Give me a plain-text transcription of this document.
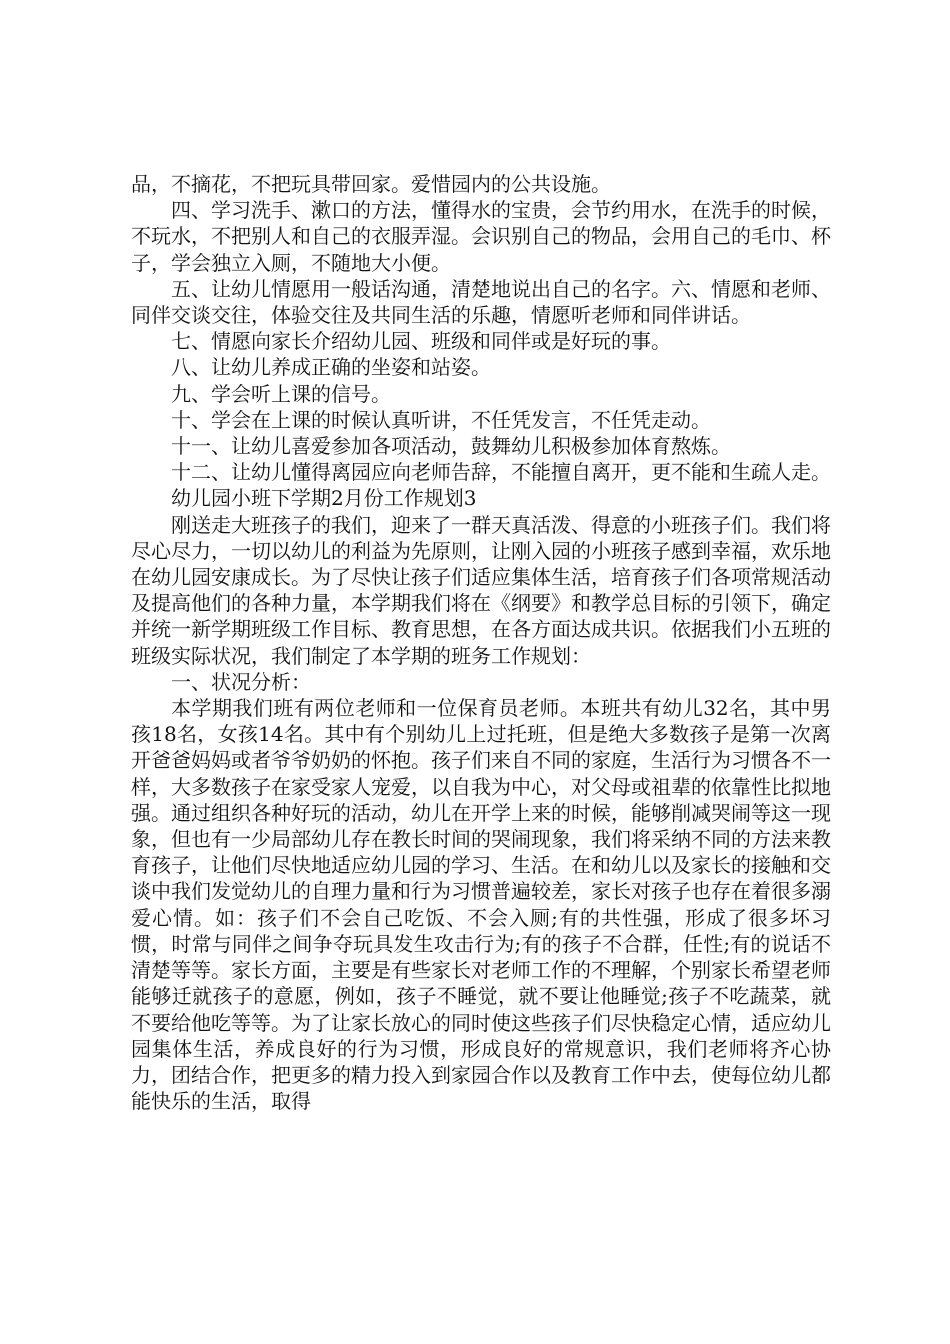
品，不摘花，不把玩具带回家。爱惜园内的公共设施。

四、学习洗手、漱口的方法，懂得水的宝贵，会节约用水，在洗手的时候，不玩水，不把别人和自己的衣服弄湿。会识别自己的物品，会用自己的毛巾、杯子，学会独立入厕，不随地大小便。

五、让幼儿情愿用一般话沟通，清楚地说出自己的名字。六、情愿和老师、同伴交谈交往，体验交往及共同生活的乐趣，情愿听老师和同伴讲话。

七、情愿向家长介绍幼儿园、班级和同伴或是好玩的事。

八、让幼儿养成正确的坐姿和站姿。

九、学会听上课的信号。

十、学会在上课的时候认真听讲，不任凭发言，不任凭走动。

十一、让幼儿喜爱参加各项活动，鼓舞幼儿积极参加体育熬炼。

十二、让幼儿懂得离园应向老师告辞，不能擅自离开，更不能和生疏人走。

幼儿园小班下学期2月份工作规划3

刚送走大班孩子的我们，迎来了一群天真活泼、得意的小班孩子们。我们将尽心尽力，一切以幼儿的利益为先原则，让刚入园的小班孩子感到幸福，欢乐地在幼儿园安康成长。为了尽快让孩子们适应集体生活，培育孩子们各项常规活动及提高他们的各种力量，本学期我们将在《纲要》和教学总目标的引领下，确定并统一新学期班级工作目标、教育思想，在各方面达成共识。依据我们小五班的班级实际状况，我们制定了本学期的班务工作规划：

一、状况分析：

本学期我们班有两位老师和一位保育员老师。本班共有幼儿32名，其中男孩18名，女孩14名。其中有个别幼儿上过托班，但是绝大多数孩子是第一次离开爸爸妈妈或者爷爷奶奶的怀抱。孩子们来自不同的家庭，生活行为习惯各不一样，大多数孩子在家受家人宠爱，以自我为中心，对父母或祖辈的依靠性比拟地强。通过组织各种好玩的活动，幼儿在开学上来的时候，能够削减哭闹等这一现象，但也有一少局部幼儿存在教长时间的哭闹现象，我们将采纳不同的方法来教育孩子，让他们尽快地适应幼儿园的学习、生活。在和幼儿以及家长的接触和交谈中我们发觉幼儿的自理力量和行为习惯普遍较差，家长对孩子也存在着很多溺爱心情。如：孩子们不会自己吃饭、不会入厕;有的共性强，形成了很多坏习惯，时常与同伴之间争夺玩具发生攻击行为;有的孩子不合群，任性;有的说话不清楚等等。家长方面，主要是有些家长对老师工作的不理解，个别家长希望老师能够迁就孩子的意愿，例如，孩子不睡觉，就不要让他睡觉;孩子不吃蔬菜，就不要给他吃等等。为了让家长放心的同时使这些孩子们尽快稳定心情，适应幼儿园集体生活，养成良好的行为习惯，形成良好的常规意识，我们老师将齐心协力，团结合作，把更多的精力投入到家园合作以及教育工作中去，使每位幼儿都能快乐的生活，取得
